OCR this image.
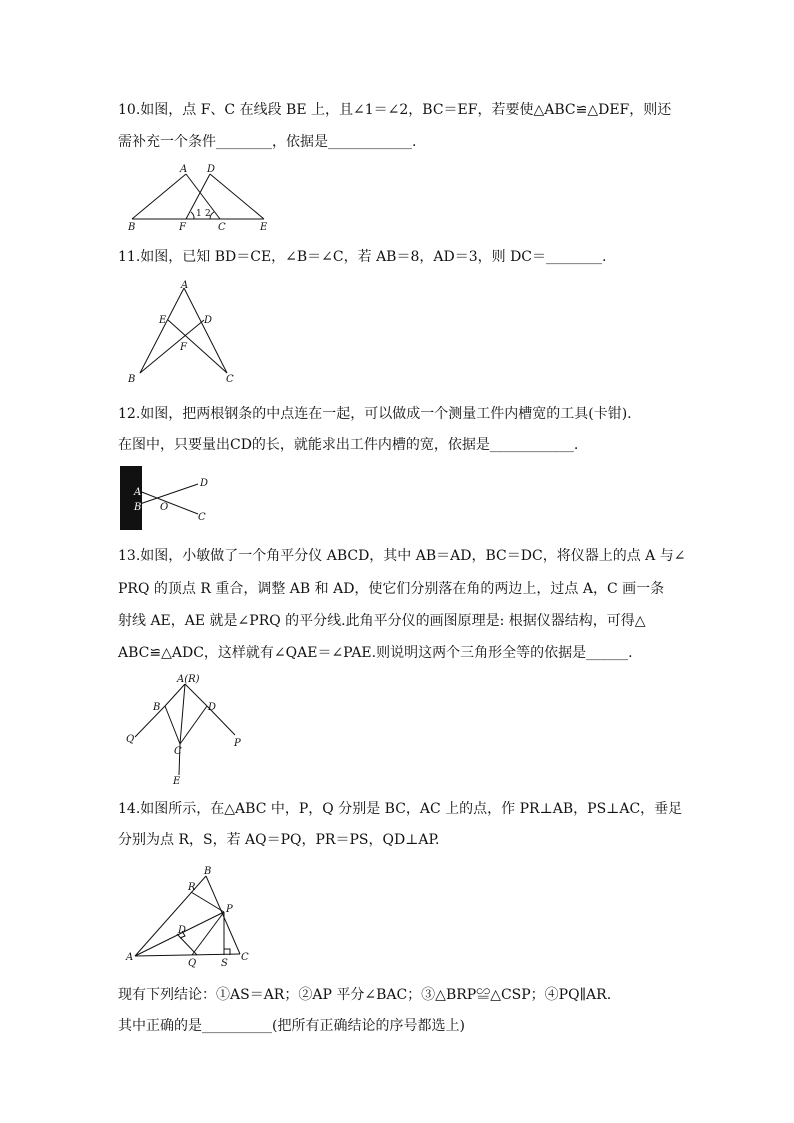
10.如图，点 F、C 在线段 BE 上，且∠1＝∠2，BC＝EF，若要使△ABC≌△DEF，则还
需补充一个条件________，依据是____________.
A D
B	F	C	E
1 2
11.如图，已知 BD＝CE，∠B＝∠C，若 AB＝8，AD＝3，则 DC＝________.
A
E	D
F
B	C
12.如图，把两根钢条的中点连在一起，可以做成一个测量工件内槽宽的工具(卡钳).
在图中，只要量出CD的长，就能求出工件内槽的宽，依据是____________.
D
A
B O
C
13.如图，小敏做了一个角平分仪 ABCD，其中 AB＝AD，BC＝DC，将仪器上的点 A 与∠
PRQ 的顶点 R 重合，调整 AB 和 AD，使它们分别落在角的两边上，过点 A，C 画一条
射线 AE，AE 就是∠PRQ 的平分线.此角平分仪的画图原理是: 根据仪器结构，可得△
ABC≌△ADC，这样就有∠QAE＝∠PAE.则说明这两个三角形全等的依据是______.
A(R)
B	D
Q
C
P
E
14.如图所示，在△ABC 中，P，Q 分别是 BC，AC 上的点，作 PR⊥AB，PS⊥AC，垂足
分别为点 R，S，若 AQ＝PQ，PR＝PS，QD⊥AP.
B
R
P
D
A
Q S
C
现有下列结论：①AS＝AR；②AP 平分∠BAC；③△BRP≌△CSP；④PQ∥AR.
其中正确的是__________(把所有正确结论的序号都选上)
